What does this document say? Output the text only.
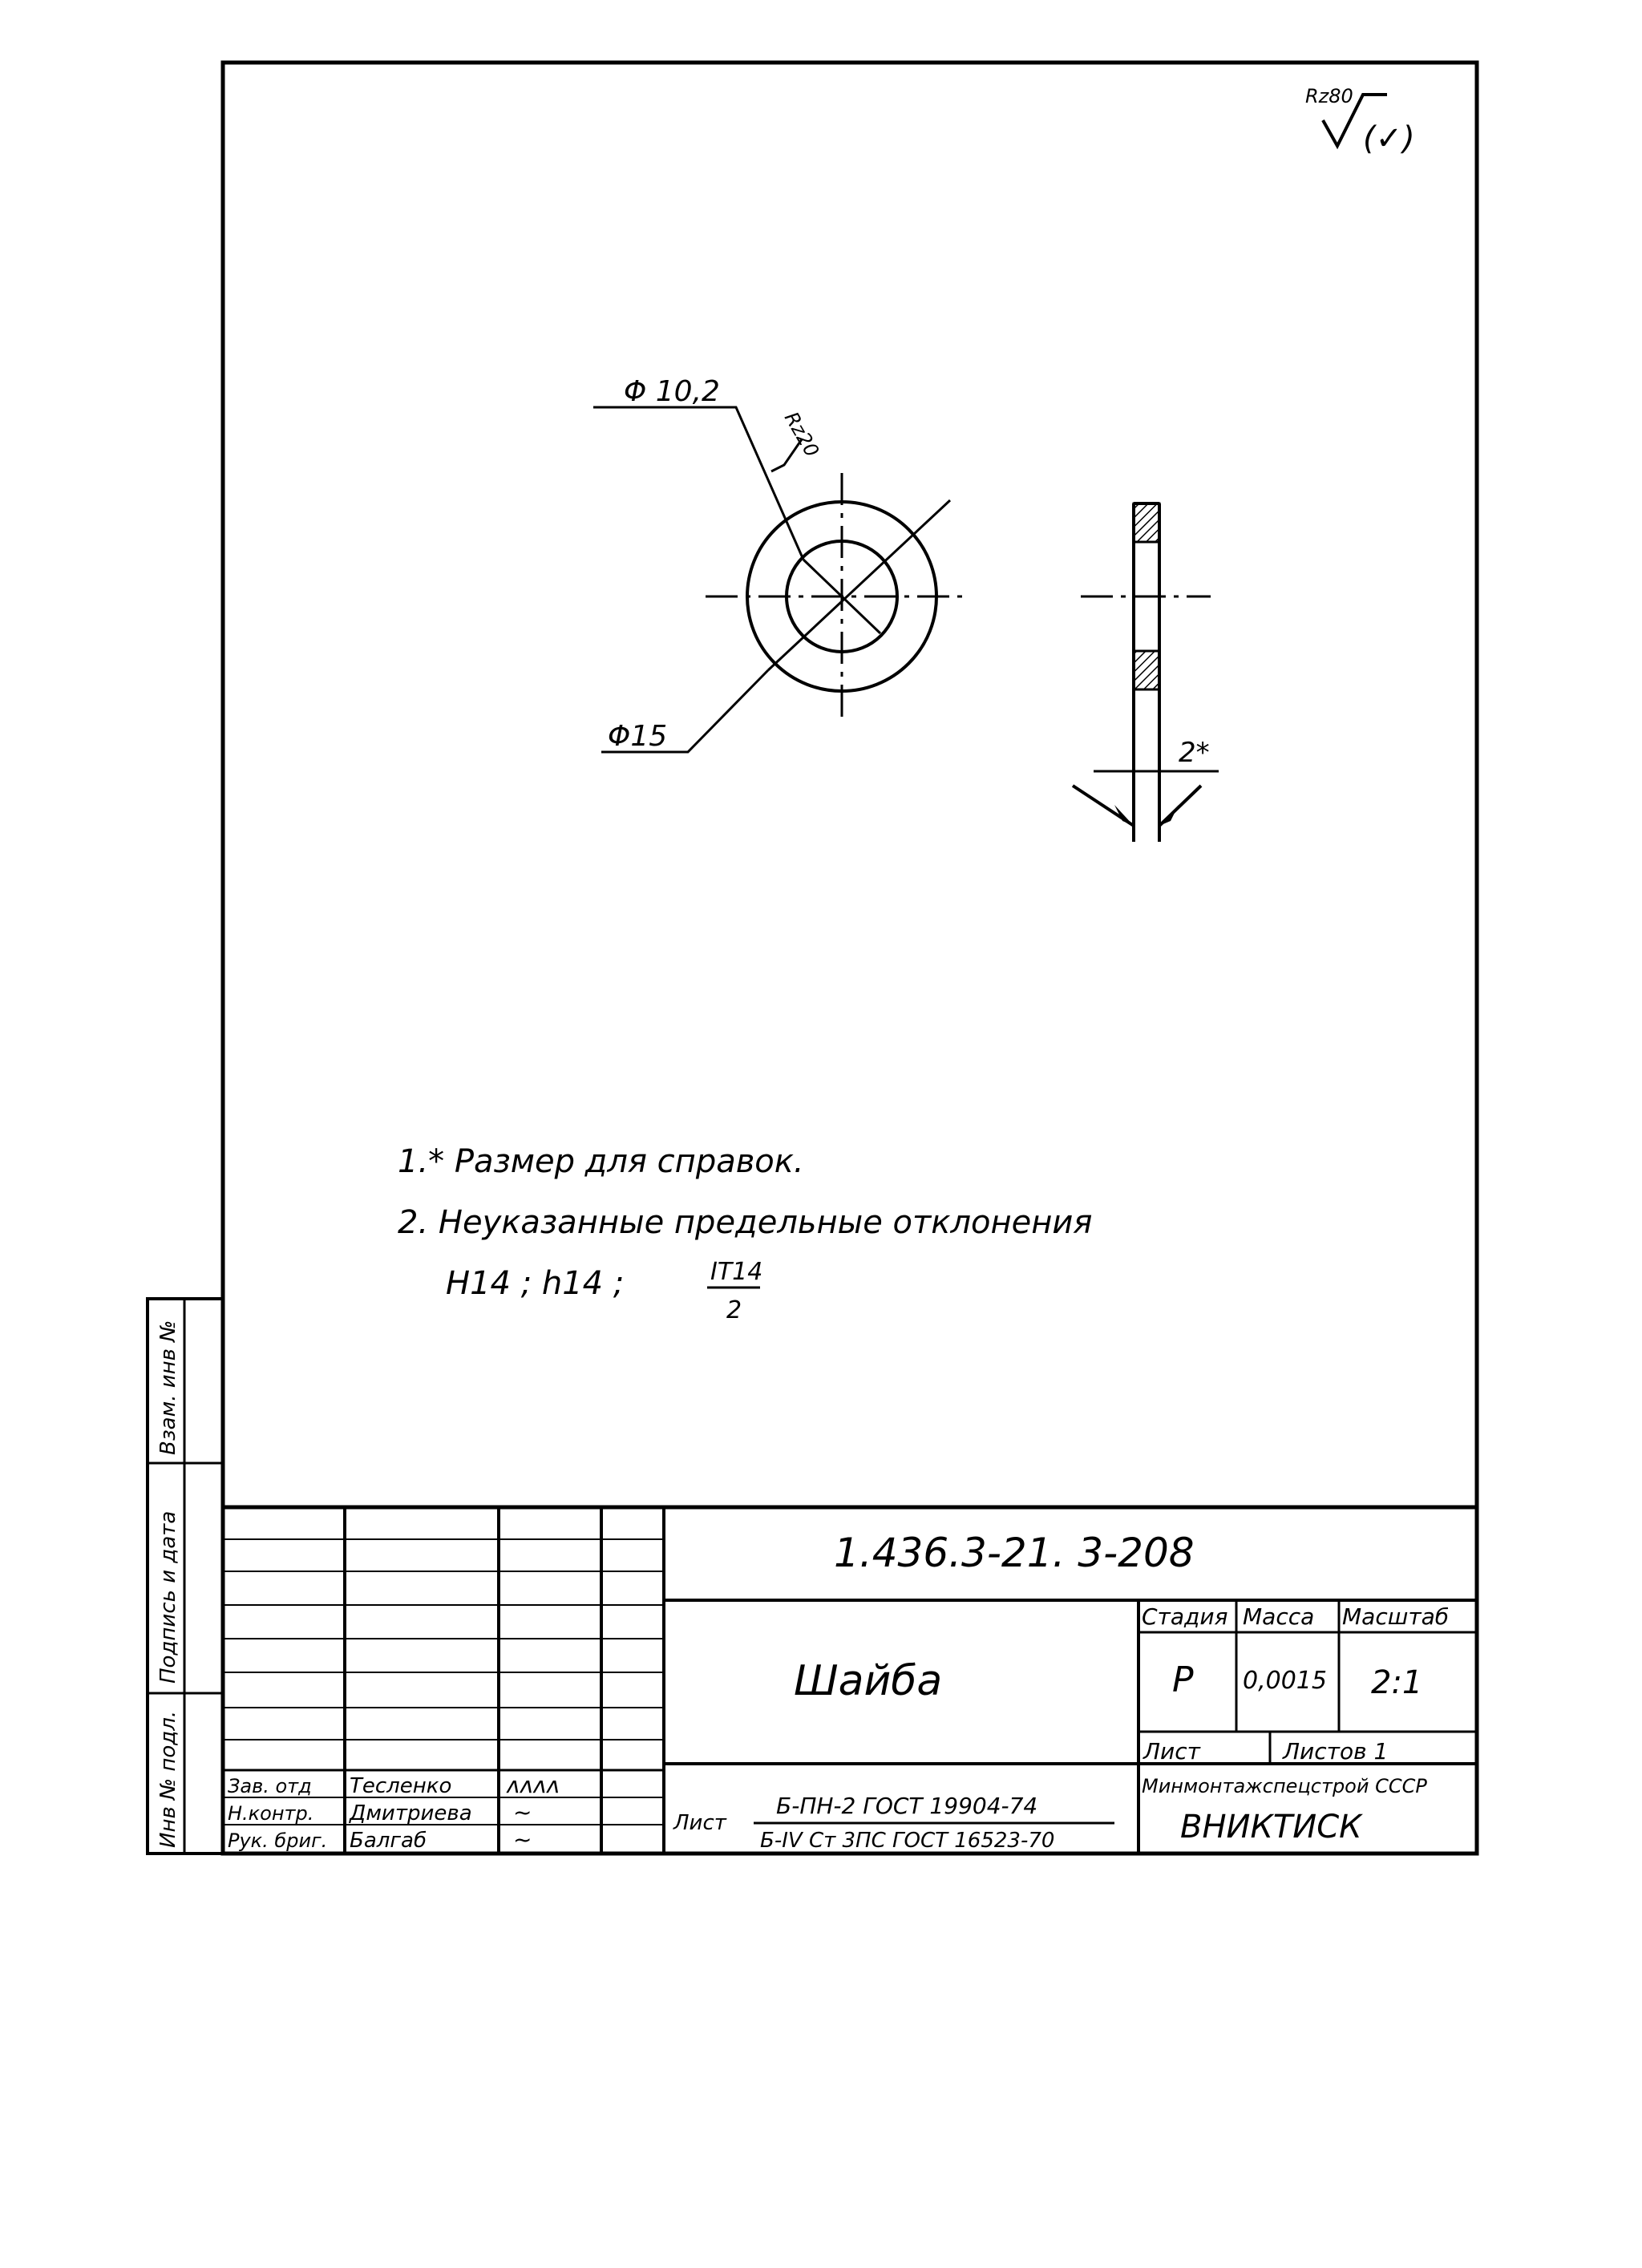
Взам. инв №
Подпись и дата
Инв № подл.
Rz80
(✓)
Φ 10,2
Φ15
Rz20
2*
1.* Размер для справок.
2. Неуказанные предельные отклонения
H14 ; h14 ;	IT14
2
1.436.3-21. 3-208
Шайба
Стадия Масса Масштаб
Р 0,0015 2:1
Лист	Листов 1
Минмонтажспецстрой СССР
ВНИКТИСК
Лист
Б-ПН-2 ГОСТ 19904-74
Б-IV Ст 3ПС ГОСТ 16523-70
Зав. отд Тесленко ᴧᴧᴧᴧ
Н.контр. Дмитриева ~
Рук. бриг. Балгаб	~
